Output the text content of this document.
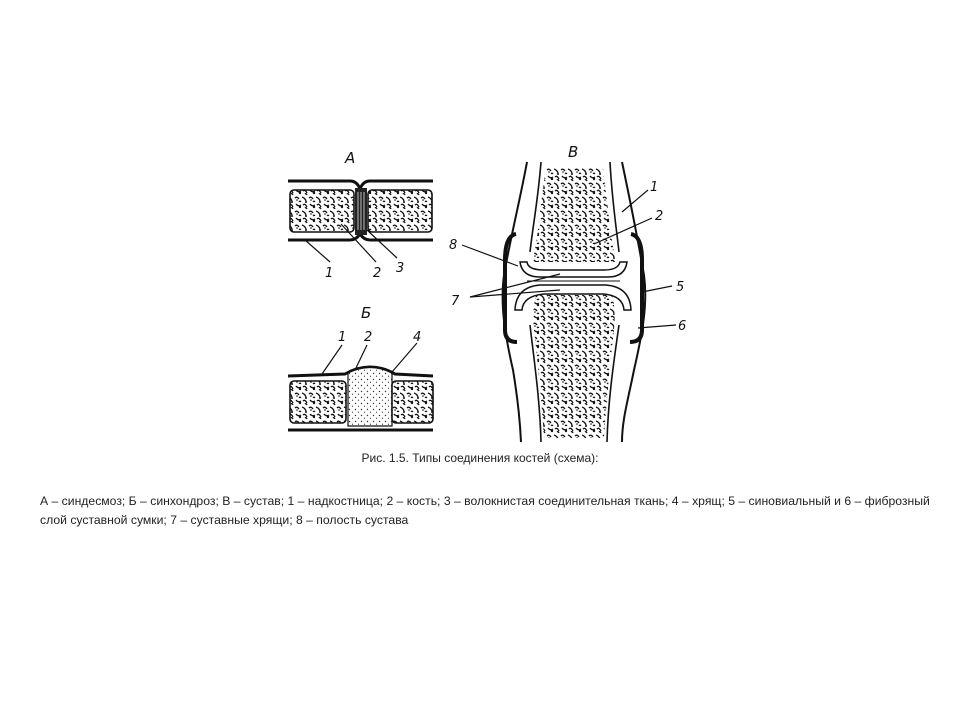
А
1	2 3
Б
1 2	4
В
1
2
8
7
5
6

Рис. 1.5. Типы соединения костей (схема):

А – синдесмоз; Б – синхондроз; В – сустав; 1 – надкостница; 2 – кость; 3 – волокнистая соединительная ткань; 4 – хрящ; 5 – синовиальный и 6 – фиброзный слой суставной сумки; 7 – суставные хрящи; 8 – полость сустава
